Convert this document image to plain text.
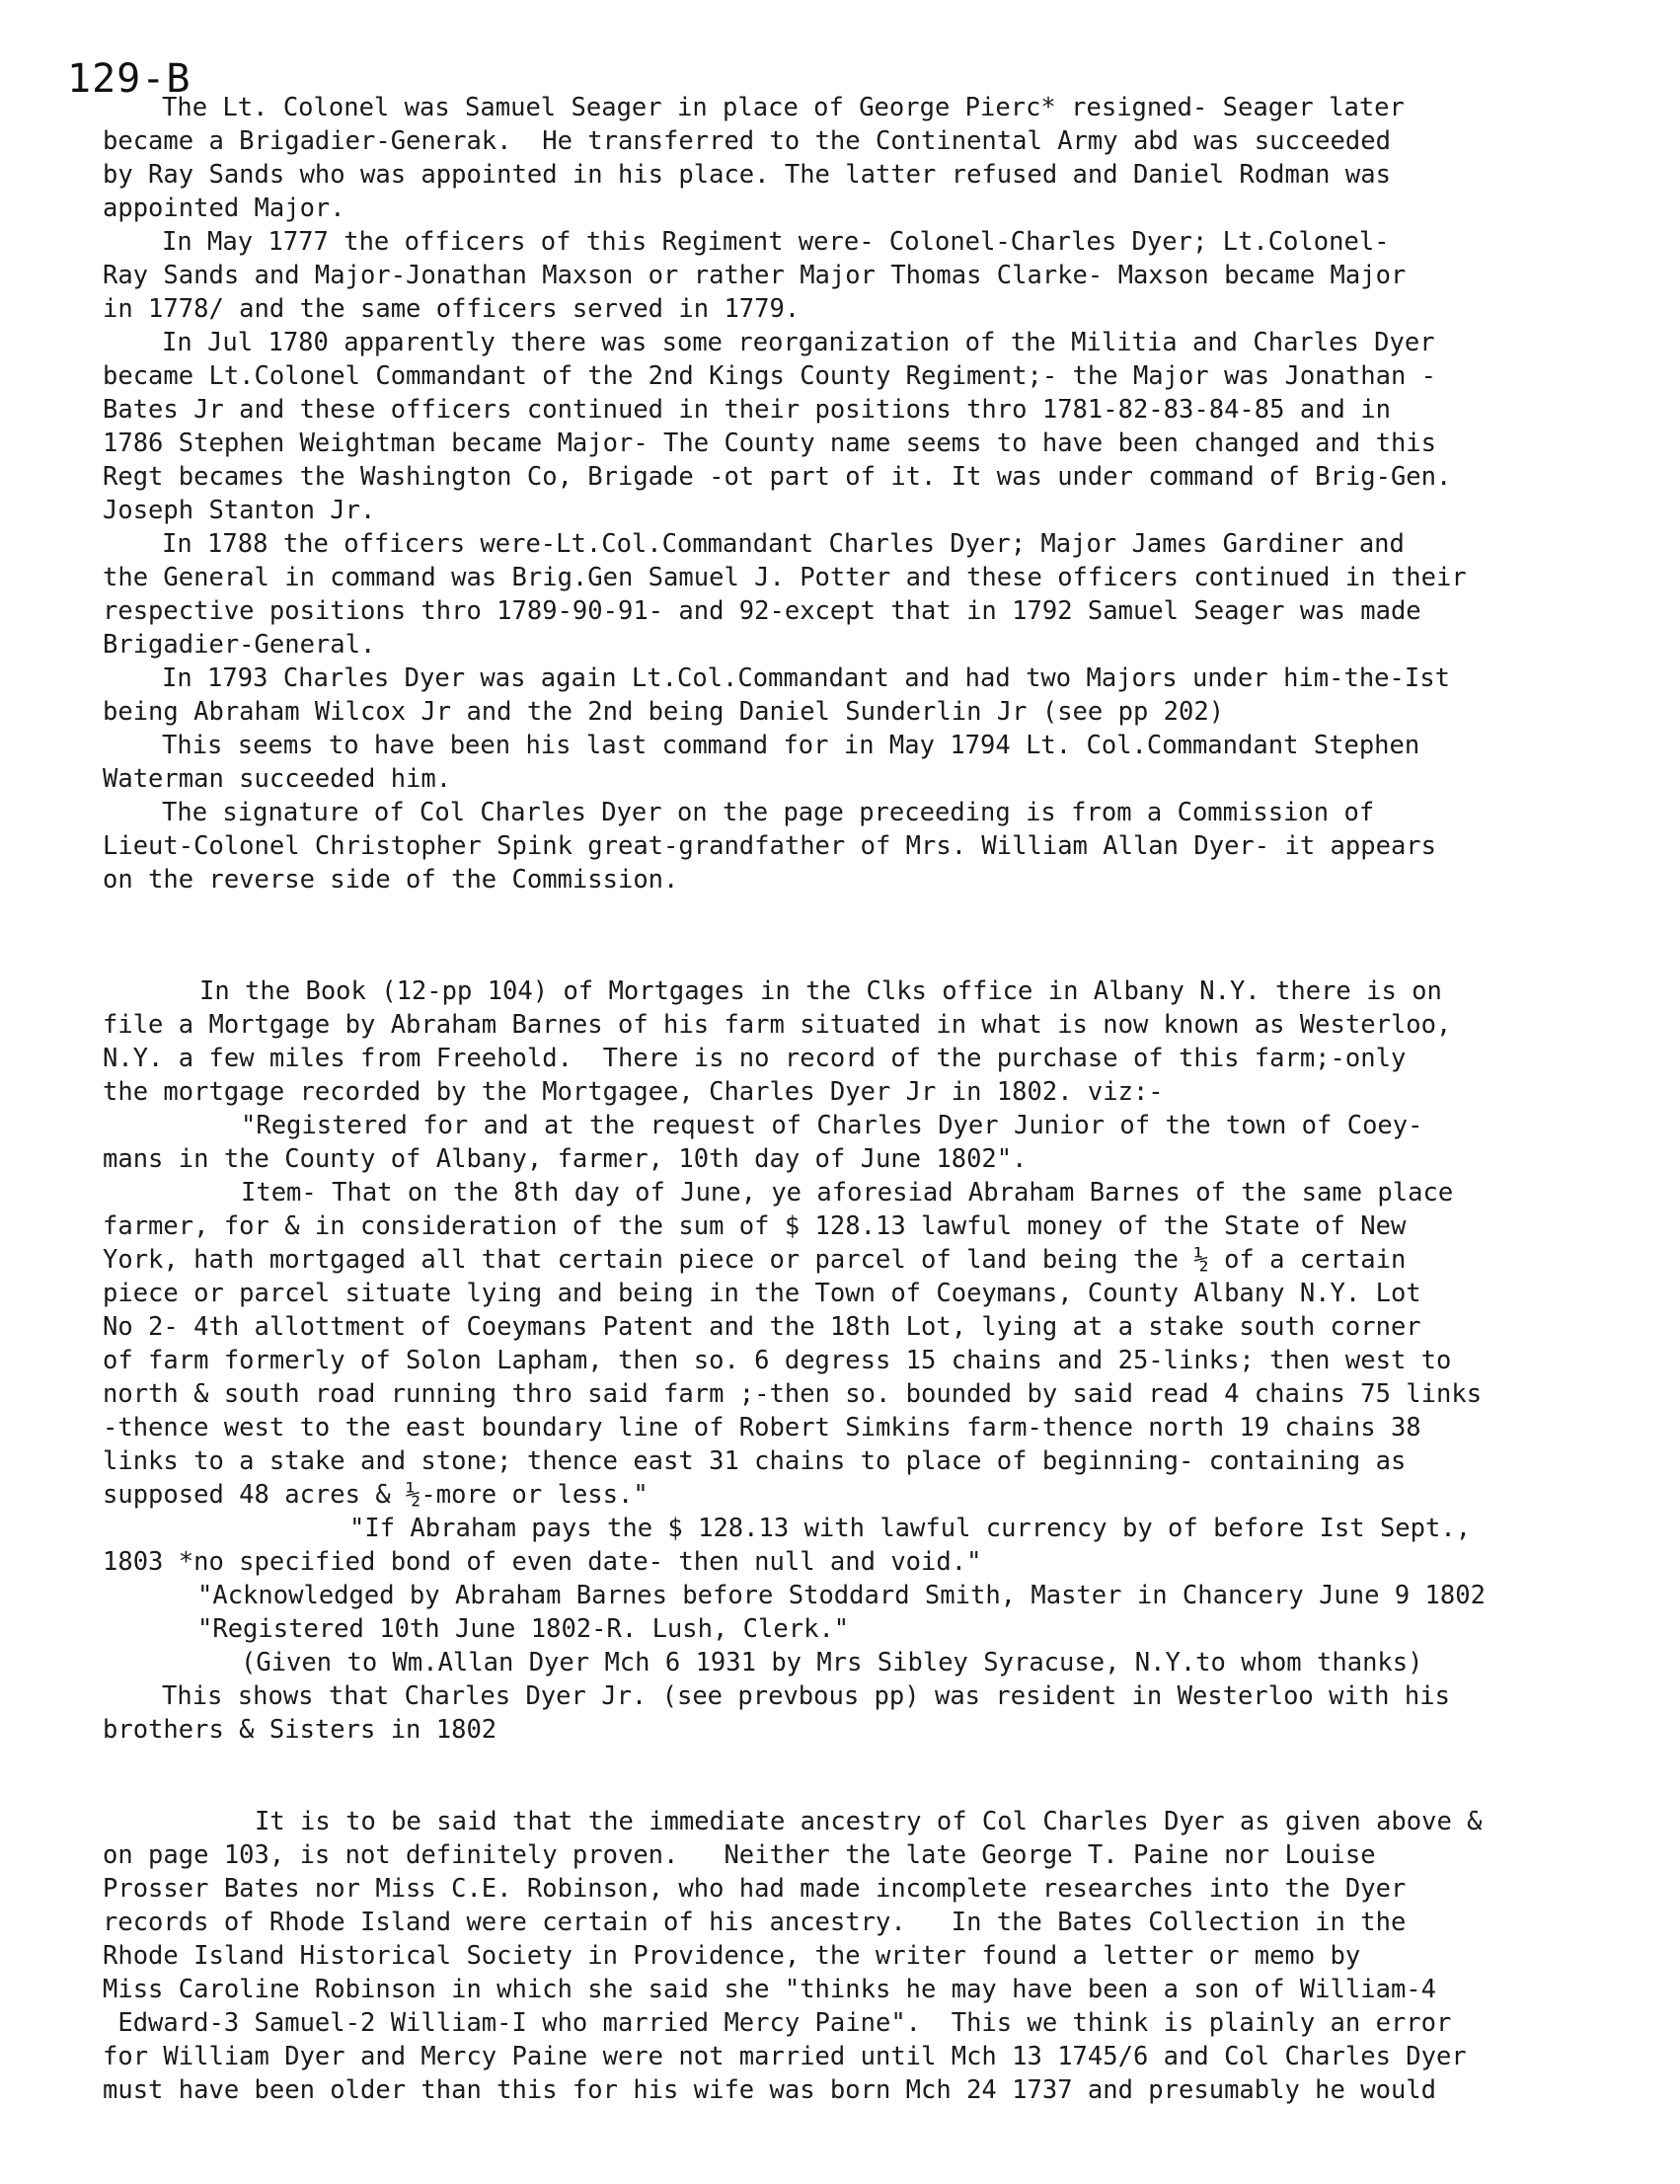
129-B
The Lt. Colonel was Samuel Seager in place of George Pierc* resigned- Seager later
became a Brigadier-Generak.  He transferred to the Continental Army abd was succeeded
by Ray Sands who was appointed in his place. The latter refused and Daniel Rodman was
appointed Major.
In May 1777 the officers of this Regiment were- Colonel-Charles Dyer; Lt.Colonel-
Ray Sands and Major-Jonathan Maxson or rather Major Thomas Clarke- Maxson became Major
in 1778/ and the same officers served in 1779.
In Jul 1780 apparently there was some reorganization of the Militia and Charles Dyer
became Lt.Colonel Commandant of the 2nd Kings County Regiment;- the Major was Jonathan -
Bates Jr and these officers continued in their positions thro 1781-82-83-84-85 and in
1786 Stephen Weightman became Major- The County name seems to have been changed and this
Regt becames the Washington Co, Brigade -ot part of it. It was under command of Brig-Gen.
Joseph Stanton Jr.
In 1788 the officers were-Lt.Col.Commandant Charles Dyer; Major James Gardiner and
the General in command was Brig.Gen Samuel J. Potter and these officers continued in their
respective positions thro 1789-90-91- and 92-except that in 1792 Samuel Seager was made
Brigadier-General.
In 1793 Charles Dyer was again Lt.Col.Commandant and had two Majors under him-the-Ist
being Abraham Wilcox Jr and the 2nd being Daniel Sunderlin Jr (see pp 202)
This seems to have been his last command for in May 1794 Lt. Col.Commandant Stephen
Waterman succeeded him.
The signature of Col Charles Dyer on the page preceeding is from a Commission of
Lieut-Colonel Christopher Spink great-grandfather of Mrs. William Allan Dyer- it appears
on the reverse side of the Commission.
In the Book (12-pp 104) of Mortgages in the Clks office in Albany N.Y. there is on
file a Mortgage by Abraham Barnes of his farm situated in what is now known as Westerloo,
N.Y. a few miles from Freehold.  There is no record of the purchase of this farm;-only
the mortgage recorded by the Mortgagee, Charles Dyer Jr in 1802. viz:-
"Registered for and at the request of Charles Dyer Junior of the town of Coey-
mans in the County of Albany, farmer, 10th day of June 1802".
Item- That on the 8th day of June, ye aforesiad Abraham Barnes of the same place
farmer, for & in consideration of the sum of $ 128.13 lawful money of the State of New
York, hath mortgaged all that certain piece or parcel of land being the ½ of a certain
piece or parcel situate lying and being in the Town of Coeymans, County Albany N.Y. Lot
No 2- 4th allottment of Coeymans Patent and the 18th Lot, lying at a stake south corner
of farm formerly of Solon Lapham, then so. 6 degress 15 chains and 25-links; then west to
north & south road running thro said farm ;-then so. bounded by said read 4 chains 75 links
-thence west to the east boundary line of Robert Simkins farm-thence north 19 chains 38
links to a stake and stone; thence east 31 chains to place of beginning- containing as
supposed 48 acres & ½-more or less."
"If Abraham pays the $ 128.13 with lawful currency by of before Ist Sept.,
1803 *no specified bond of even date- then null and void."
"Acknowledged by Abraham Barnes before Stoddard Smith, Master in Chancery June 9 1802
"Registered 10th June 1802-R. Lush, Clerk."
(Given to Wm.Allan Dyer Mch 6 1931 by Mrs Sibley Syracuse, N.Y.to whom thanks)
This shows that Charles Dyer Jr. (see prevbous pp) was resident in Westerloo with his
brothers & Sisters in 1802
It is to be said that the immediate ancestry of Col Charles Dyer as given above &
on page 103, is not definitely proven.   Neither the late George T. Paine nor Louise
Prosser Bates nor Miss C.E. Robinson, who had made incomplete researches into the Dyer
records of Rhode Island were certain of his ancestry.   In the Bates Collection in the
Rhode Island Historical Society in Providence, the writer found a letter or memo by
Miss Caroline Robinson in which she said she "thinks he may have been a son of William-4
Edward-3 Samuel-2 William-I who married Mercy Paine".  This we think is plainly an error
for William Dyer and Mercy Paine were not married until Mch 13 1745/6 and Col Charles Dyer
must have been older than this for his wife was born Mch 24 1737 and presumably he would
